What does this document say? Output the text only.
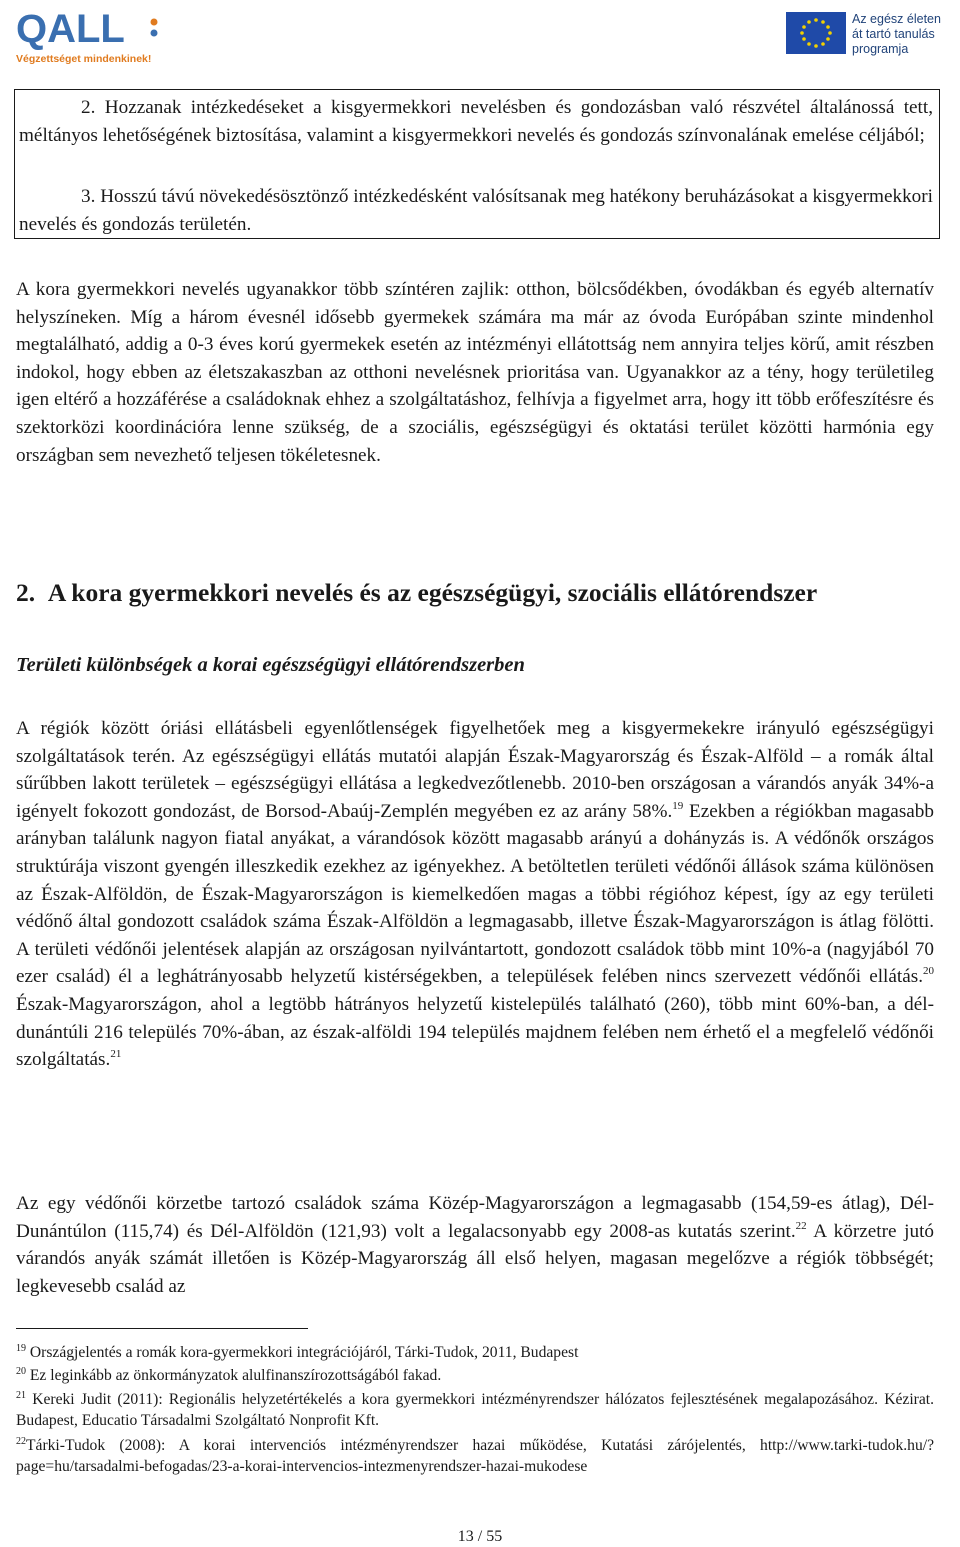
QALL
Végzettséget mindenkinek!
Az egész életen
át tartó tanulás
programja

2. Hozzanak intézkedéseket a kisgyermekkori nevelésben és gondozásban való részvétel általánossá tett, méltányos lehetőségének biztosítása, valamint a kisgyermekkori nevelés és gondozás színvonalának emelése céljából;

3. Hosszú távú növekedésösztönző intézkedésként valósítsanak meg hatékony beruházásokat a kisgyermekkori nevelés és gondozás területén.

A kora gyermekkori nevelés ugyanakkor több színtéren zajlik: otthon, bölcsődékben, óvodákban és egyéb alternatív helyszíneken. Míg a három évesnél idősebb gyermekek számára ma már az óvoda Európában szinte mindenhol megtalálható, addig a 0-3 éves korú gyermekek esetén az intézményi ellátottság nem annyira teljes körű, amit részben indokol, hogy ebben az életszakaszban az otthoni nevelésnek prioritása van. Ugyanakkor az a tény, hogy területileg igen eltérő a hozzáférése a családoknak ehhez a szolgáltatáshoz, felhívja a figyelmet arra, hogy itt több erőfeszítésre és szektorközi koordinációra lenne szükség, de a szociális, egészségügyi és oktatási terület közötti harmónia egy országban sem nevezhető teljesen tökéletesnek.

2. A kora gyermekkori nevelés és az egészségügyi, szociális ellátórendszer
Területi különbségek a korai egészségügyi ellátórendszerben

A régiók között óriási ellátásbeli egyenlőtlenségek figyelhetőek meg a kisgyermekekre irányuló egészségügyi szolgáltatások terén. Az egészségügyi ellátás mutatói alapján Észak-Magyarország és Észak-Alföld – a romák által sűrűbben lakott területek – egészségügyi ellátása a legkedvezőtlenebb. 2010-ben országosan a várandós anyák 34%-a igényelt fokozott gondozást, de Borsod-Abaúj-Zemplén megyében ez az arány 58%.$^{19}$ Ezekben a régiókban magasabb arányban találunk nagyon fiatal anyákat, a várandósok között magasabb arányú a dohányzás is. A védőnők országos struktúrája viszont gyengén illeszkedik ezekhez az igényekhez. A betöltetlen területi védőnői állások száma különösen az Észak-Alföldön, de Észak-Magyarországon is kiemelkedően magas a többi régióhoz képest, így az egy területi védőnő által gondozott családok száma Észak-Alföldön a legmagasabb, illetve Észak-Magyarországon is átlag fölötti. A területi védőnői jelentések alapján az országosan nyilvántartott, gondozott családok több mint 10%-a (nagyjából 70 ezer család) él a leghátrányosabb helyzetű kistérségekben, a települések felében nincs szervezett védőnői ellátás.$^{20}$ Észak-Magyarországon, ahol a legtöbb hátrányos helyzetű kistelepülés található (260), több mint 60%-ban, a dél-dunántúli 216 település 70%-ában, az észak-alföldi 194 település majdnem felében nem érhető el a megfelelő védőnői szolgáltatás.$^{21}$

Az egy védőnői körzetbe tartozó családok száma Közép-Magyarországon a legmagasabb (154,59-es átlag), Dél-Dunántúlon (115,74) és Dél-Alföldön (121,93) volt a legalacsonyabb egy 2008-as kutatás szerint.$^{22}$ A körzetre jutó várandós anyák számát illetően is Közép-Magyarország áll első helyen, magasan megelőzve a régiók többségét; legkevesebb család az

$^{19}$ Országjelentés a romák kora-gyermekkori integrációjáról, Tárki-Tudok, 2011, Budapest

$^{20}$ Ez leginkább az önkormányzatok alulfinanszírozottságából fakad.

$^{21}$ Kereki Judit (2011): Regionális helyzetértékelés a kora gyermekkori intézményrendszer hálózatos fejlesztésének megalapozásához. Kézirat. Budapest, Educatio Társadalmi Szolgáltató Nonprofit Kft.

$^{22}$Tárki-Tudok (2008): A korai intervenciós intézményrendszer hazai működése, Kutatási zárójelentés, http://www.tarki-tudok.hu/?page=hu/tarsadalmi-befogadas/23-a-korai-intervencios-intezmenyrendszer-hazai-mukodese

13 / 55
